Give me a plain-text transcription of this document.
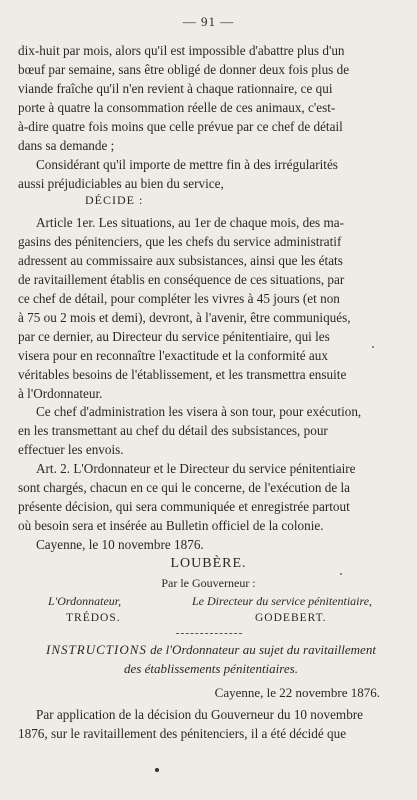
— 91 —
dix-huit par mois, alors qu'il est impossible d'abattre plus d'un
bœuf par semaine, sans être obligé de donner deux fois plus de
viande fraîche qu'il n'en revient à chaque rationnaire, ce qui
porte à quatre la consommation réelle de ces animaux, c'est-
à-dire quatre fois moins que celle prévue par ce chef de détail
dans sa demande ;
Considérant qu'il importe de mettre fin à des irrégularités
aussi préjudiciables au bien du service,
DÉCIDE :
Article 1er. Les situations, au 1er de chaque mois, des ma-
gasins des pénitenciers, que les chefs du service administratif
adressent au commissaire aux subsistances, ainsi que les états
de ravitaillement établis en conséquence de ces situations, par
ce chef de détail, pour compléter les vivres à 45 jours (et non
à 75 ou 2 mois et demi), devront, à l'avenir, être communiqués,
par ce dernier, au Directeur du service pénitentiaire, qui les
visera pour en reconnaître l'exactitude et la conformité aux
véritables besoins de l'établissement, et les transmettra ensuite
à l'Ordonnateur.
Ce chef d'administration les visera à son tour, pour exécution,
en les transmettant au chef du détail des subsistances, pour
effectuer les envois.
Art. 2. L'Ordonnateur et le Directeur du service pénitentiaire
sont chargés, chacun en ce qui le concerne, de l'exécution de la
présente décision, qui sera communiquée et enregistrée partout
où besoin sera et insérée au Bulletin officiel de la colonie.
Cayenne, le 10 novembre 1876.
LOUBÈRE.
Par le Gouverneur :
L'Ordonnateur,	Le Directeur du service pénitentiaire,
TRÉDOS.	GODEBERT.
INSTRUCTIONS de l'Ordonnateur au sujet du ravitaillement
des établissements pénitentiaires.
Cayenne, le 22 novembre 1876.
Par application de la décision du Gouverneur du 10 novembre
1876, sur le ravitaillement des pénitenciers, il a été décidé que
